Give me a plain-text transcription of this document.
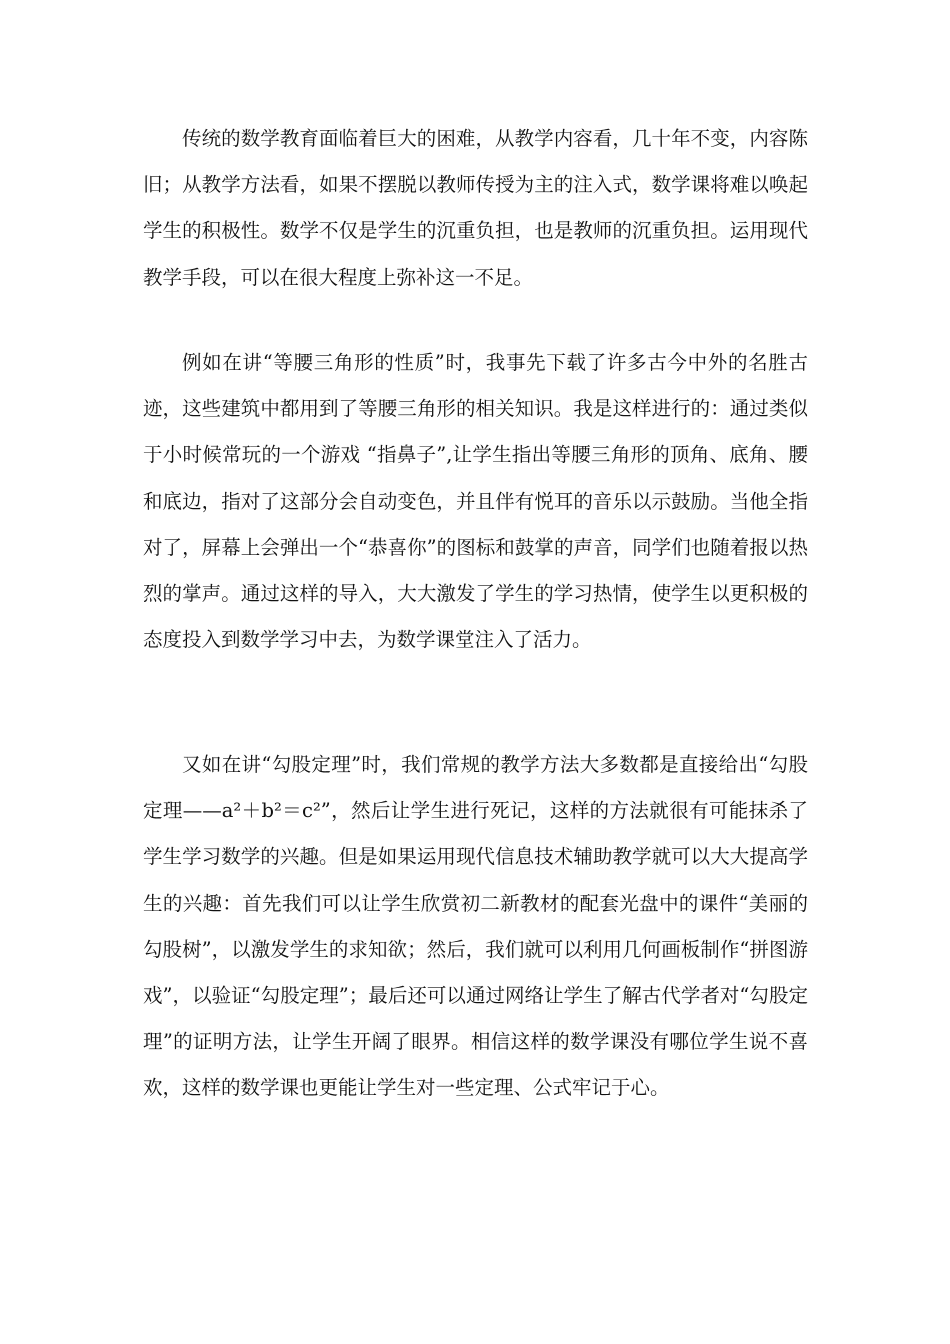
传统的数学教育面临着巨大的困难，从教学内容看，几十年不变，内容陈旧；从教学方法看，如果不摆脱以教师传授为主的注入式，数学课将难以唤起学生的积极性。数学不仅是学生的沉重负担，也是教师的沉重负担。运用现代教学手段，可以在很大程度上弥补这一不足。

例如在讲“等腰三角形的性质”时，我事先下载了许多古今中外的名胜古迹，这些建筑中都用到了等腰三角形的相关知识。我是这样进行的：通过类似于小时候常玩的一个游戏 “指鼻子”,让学生指出等腰三角形的顶角、底角、腰和底边，指对了这部分会自动变色，并且伴有悦耳的音乐以示鼓励。当他全指对了，屏幕上会弹出一个“恭喜你”的图标和鼓掌的声音，同学们也随着报以热烈的掌声。通过这样的导入，大大激发了学生的学习热情，使学生以更积极的态度投入到数学学习中去，为数学课堂注入了活力。

又如在讲“勾股定理”时，我们常规的教学方法大多数都是直接给出“勾股定理——a²＋b²＝c²”，然后让学生进行死记，这样的方法就很有可能抹杀了学生学习数学的兴趣。但是如果运用现代信息技术辅助教学就可以大大提高学生的兴趣：首先我们可以让学生欣赏初二新教材的配套光盘中的课件“美丽的勾股树”，以激发学生的求知欲；然后，我们就可以利用几何画板制作“拼图游戏”，以验证“勾股定理”；最后还可以通过网络让学生了解古代学者对“勾股定理”的证明方法，让学生开阔了眼界。相信这样的数学课没有哪位学生说不喜欢，这样的数学课也更能让学生对一些定理、公式牢记于心。
